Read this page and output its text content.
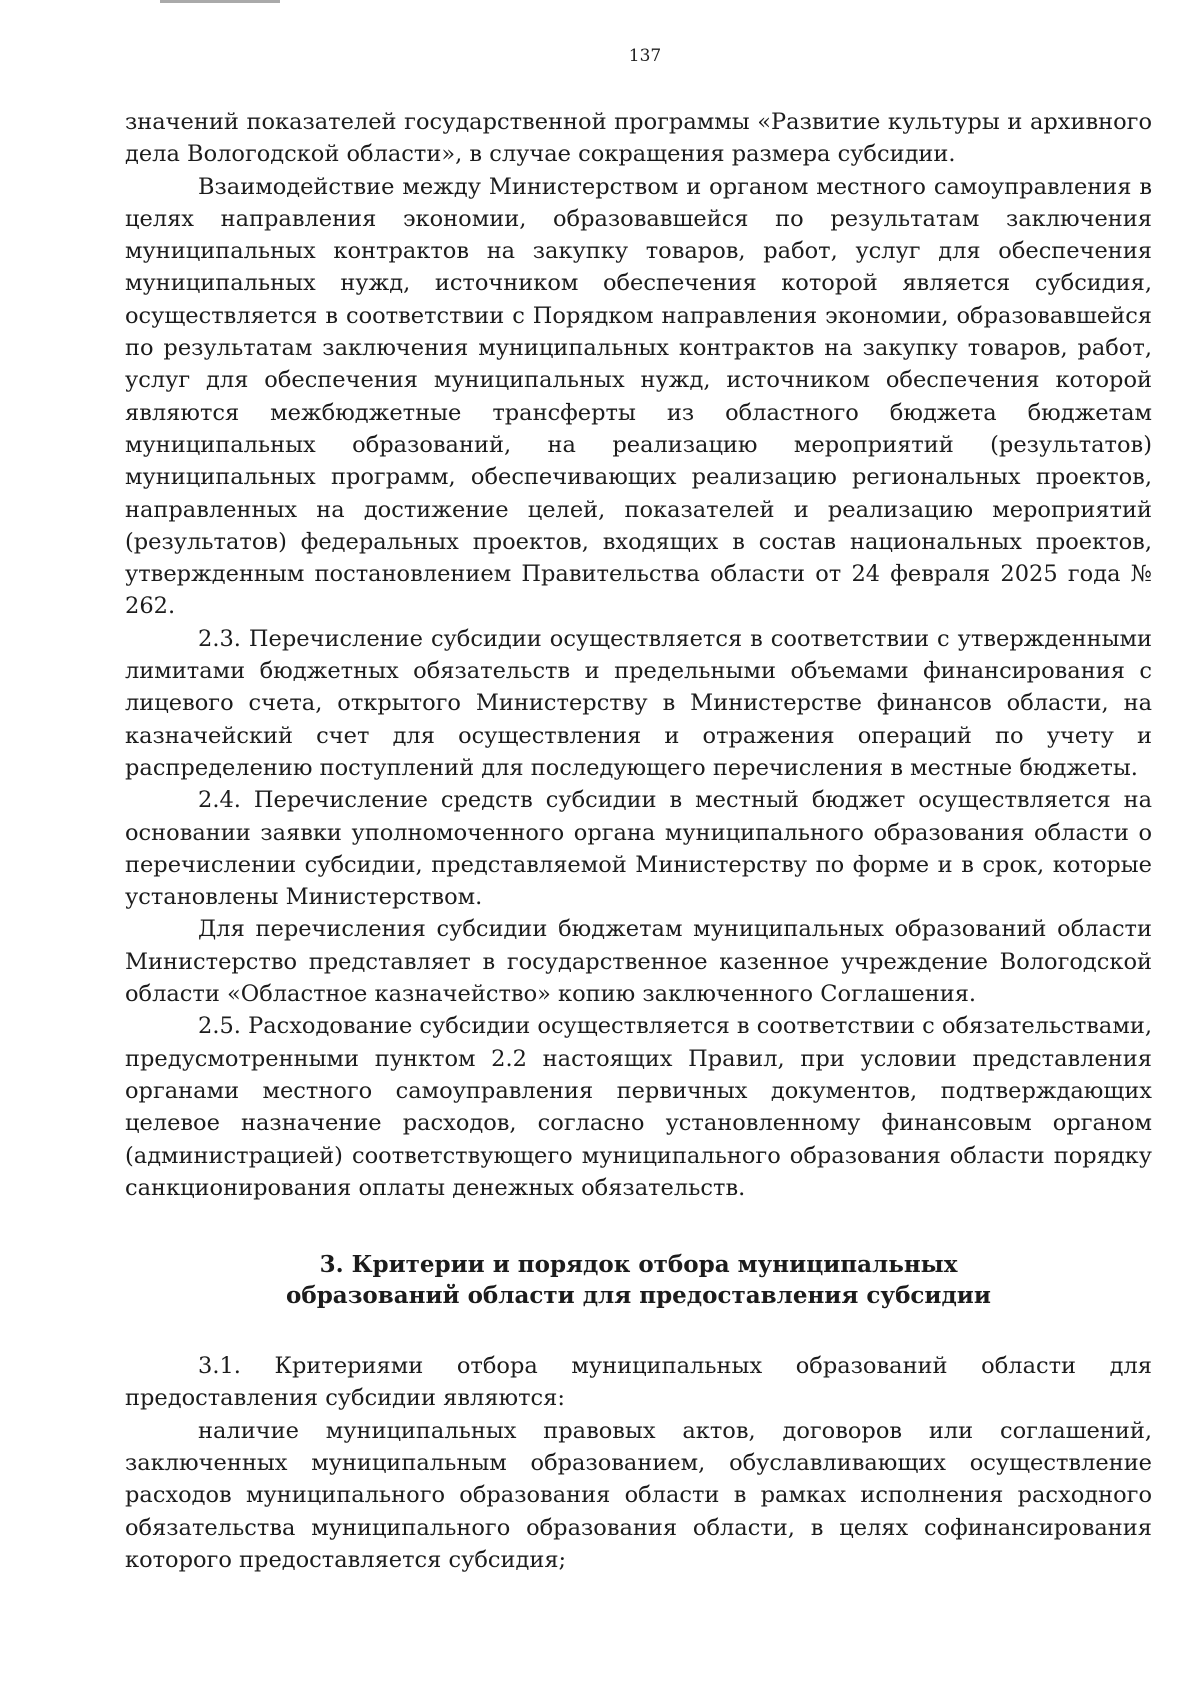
137

значений показателей государственной программы «Развитие культуры и архивного дела Вологодской области», в случае сокращения размера субсидии.

Взаимодействие между Министерством и органом местного самоуправления в целях направления экономии, образовавшейся по результатам заключения муниципальных контрактов на закупку товаров, работ, услуг для обеспечения муниципальных нужд, источником обеспечения которой является субсидия, осуществляется в соответствии с Порядком направления экономии, образовавшейся по результатам заключения муниципальных контрактов на закупку товаров, работ, услуг для обеспечения муниципальных нужд, источником обеспечения которой являются межбюджетные трансферты из областного бюджета бюджетам муниципальных образований, на реализацию мероприятий (результатов) муниципальных программ, обеспечивающих реализацию региональных проектов, направленных на достижение целей, показателей и реализацию мероприятий (результатов) федеральных проектов, входящих в состав национальных проектов, утвержденным постановлением Правительства области от 24 февраля 2025 года № 262.

2.3. Перечисление субсидии осуществляется в соответствии с утвержденными лимитами бюджетных обязательств и предельными объемами финансирования с лицевого счета, открытого Министерству в Министерстве финансов области, на казначейский счет для осуществления и отражения операций по учету и распределению поступлений для последующего перечисления в местные бюджеты.

2.4. Перечисление средств субсидии в местный бюджет осуществляется на основании заявки уполномоченного органа муниципального образования области о перечислении субсидии, представляемой Министерству по форме и в срок, которые установлены Министерством.

Для перечисления субсидии бюджетам муниципальных образований области Министерство представляет в государственное казенное учреждение Вологодской области «Областное казначейство» копию заключенного Соглашения.

2.5. Расходование субсидии осуществляется в соответствии с обязательствами, предусмотренными пунктом 2.2 настоящих Правил, при условии представления органами местного самоуправления первичных документов, подтверждающих целевое назначение расходов, согласно установленному финансовым органом (администрацией) соответствующего муниципального образования области порядку санкционирования оплаты денежных обязательств.

3. Критерии и порядок отбора муниципальных
образований области для предоставления субсидии

3.1. Критериями отбора муниципальных образований области для предоставления субсидии являются:

наличие муниципальных правовых актов, договоров или соглашений, заключенных муниципальным образованием, обуславливающих осуществление расходов муниципального образования области в рамках исполнения расходного обязательства муниципального образования области, в целях софинансирования которого предоставляется субсидия;
